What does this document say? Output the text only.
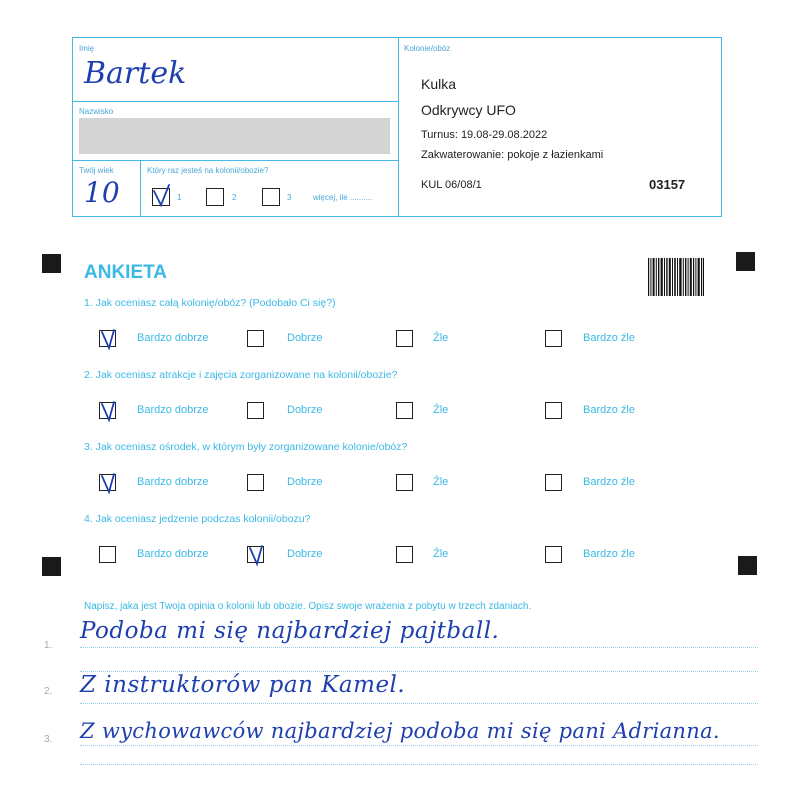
Imię
Bartek
Nazwisko
Twój wiek
10
Który raz jesteś na kolonii/obozie?
1	2	3	więcej, ile ..........
Kolonie/obóz
Kulka
Odkrywcy UFO
Turnus: 19.08-29.08.2022
Zakwaterowanie: pokoje z łazienkami
KUL 06/08/1	03157
ANKIETA
1. Jak oceniasz całą kolonię/obóz? (Podobało Ci się?)
Bardzo dobrze	Dobrze	Źle	Bardzo źle
2. Jak oceniasz atrakcje i zajęcia zorganizowane na kolonii/obozie?
Bardzo dobrze	Dobrze	Źle	Bardzo źle
3. Jak oceniasz ośrodek, w którym były zorganizowane kolonie/obóz?
Bardzo dobrze	Dobrze	Źle	Bardzo źle
4. Jak oceniasz jedzenie podczas kolonii/obozu?
Bardzo dobrze	Dobrze	Źle	Bardzo źle
Napisz, jaka jest Twoja opinia o kolonii lub obozie. Opisz swoje wrażenia z pobytu w trzech zdaniach.
1.
Podoba mi się najbardziej pajtball.
2. Z instruktorów pan Kamel.
3. Z wychowawców najbardziej podoba mi się pani Adrianna.
